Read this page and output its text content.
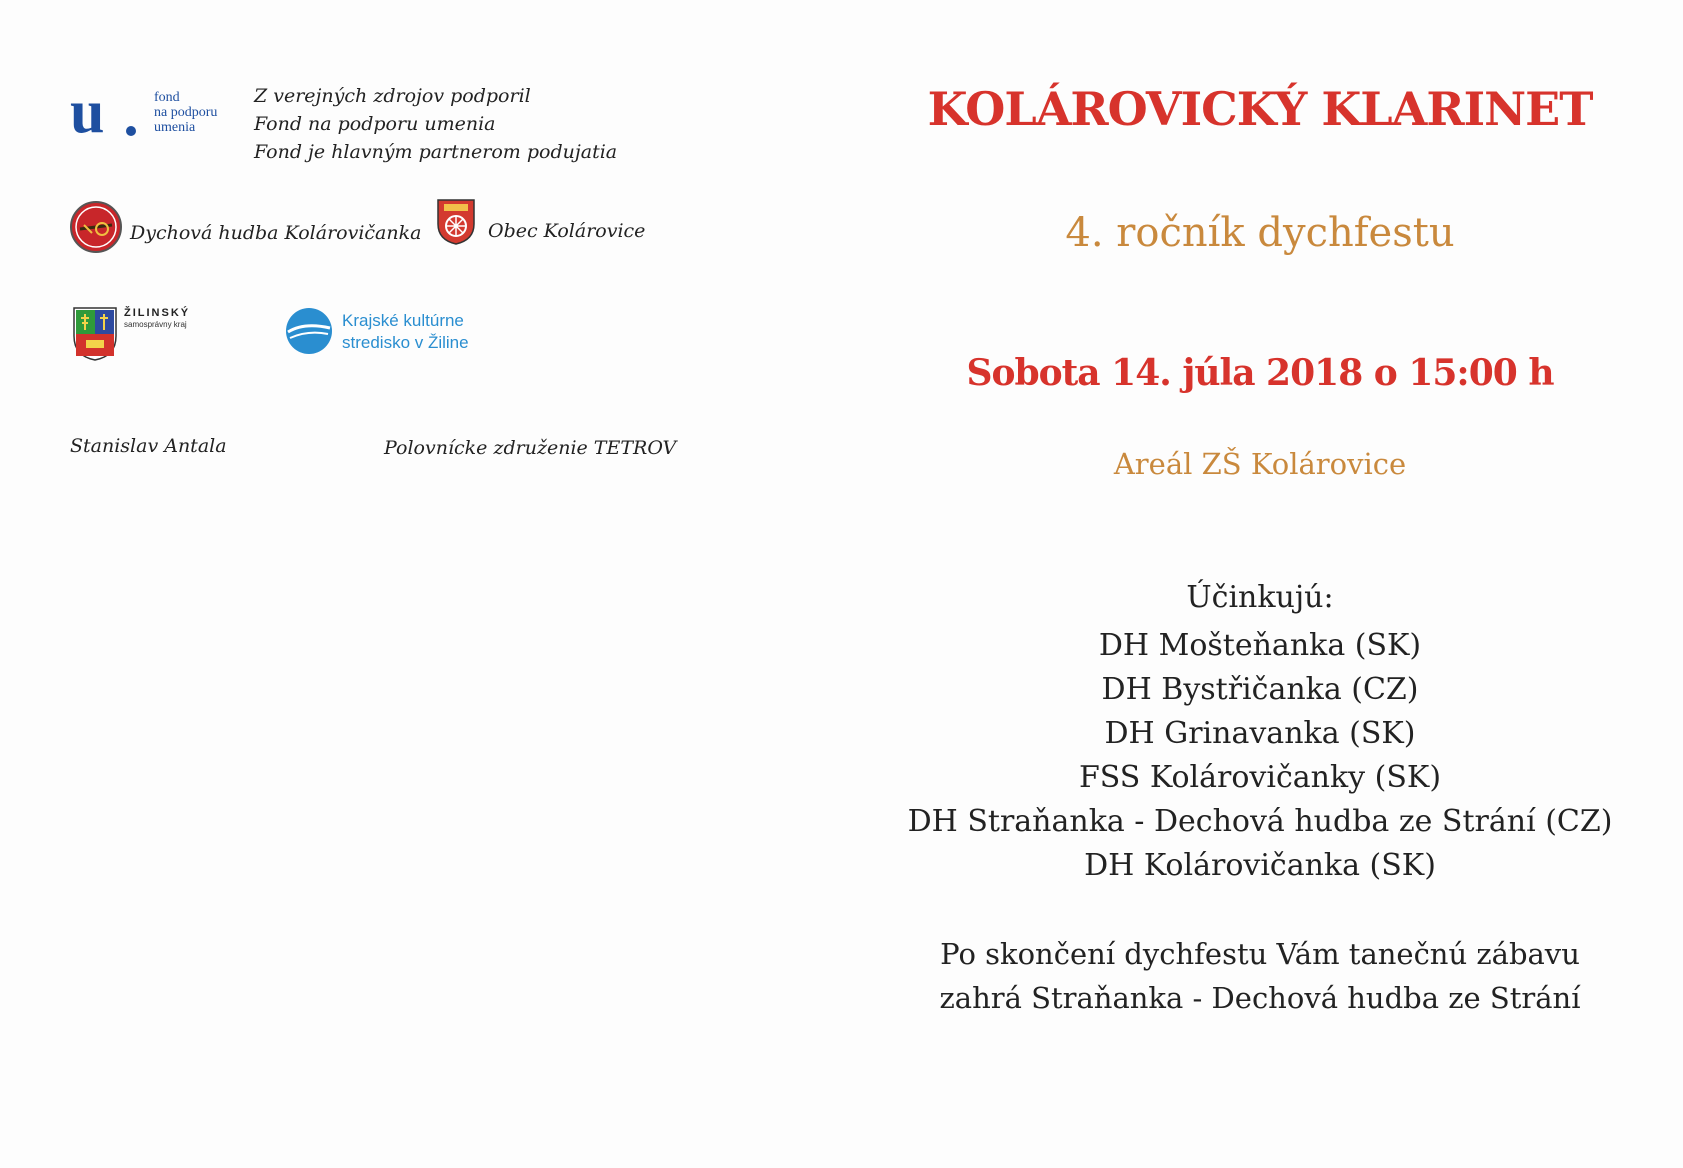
u	fond
na podporu
umenia
Z verejných zdrojov podporil
Fond na podporu umenia
Fond je hlavným partnerom podujatia
Dychová hudba Kolárovičanka	Obec Kolárovice
ŽILINSKÝ
samosprávny kraj	Krajské kultúrne
stredisko v Žiline
Stanislav Antala	Polovnícke združenie TETROV
KOLÁROVICKÝ KLARINET
4. ročník dychfestu
Sobota 14. júla 2018 o 15:00 h
Areál ZŠ Kolárovice
Účinkujú:
DH Mošteňanka (SK)
DH Bystřičanka (CZ)
DH Grinavanka (SK)
FSS Kolárovičanky (SK)
DH Straňanka - Dechová hudba ze Strání (CZ)
DH Kolárovičanka (SK)
Po skončení dychfestu Vám tanečnú zábavu
zahrá Straňanka - Dechová hudba ze Strání
